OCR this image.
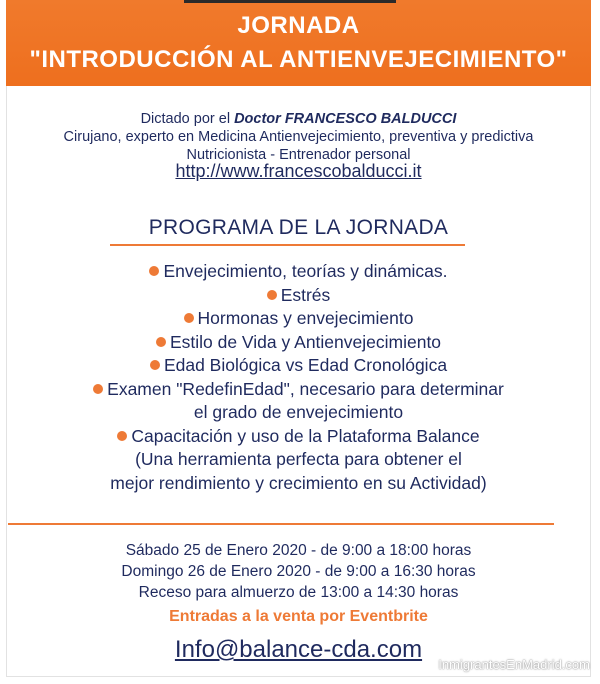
JORNADA
"INTRODUCCIÓN AL ANTIENVEJECIMIENTO"
Dictado por el Doctor FRANCESCO BALDUCCI
Cirujano, experto en Medicina Antienvejecimiento, preventiva y predictiva
Nutricionista - Entrenador personal
http://www.francescobalducci.it
PROGRAMA DE LA JORNADA
Envejecimiento, teorías y dinámicas.
Estrés
Hormonas y envejecimiento
Estilo de Vida y Antienvejecimiento
Edad Biológica vs Edad Cronológica
Examen "RedefinEdad", necesario para determinar
el grado de envejecimiento
Capacitación y uso de la Plataforma Balance
(Una herramienta perfecta para obtener el
mejor rendimiento y crecimiento en su Actividad)
Sábado 25 de Enero 2020 - de 9:00 a 18:00 horas
Domingo 26 de Enero 2020 - de 9:00 a 16:30 horas
Receso para almuerzo de 13:00 a 14:30 horas
Entradas a la venta por Eventbrite
Info@balance-cda.com
InmigrantesEnMadrid.com
